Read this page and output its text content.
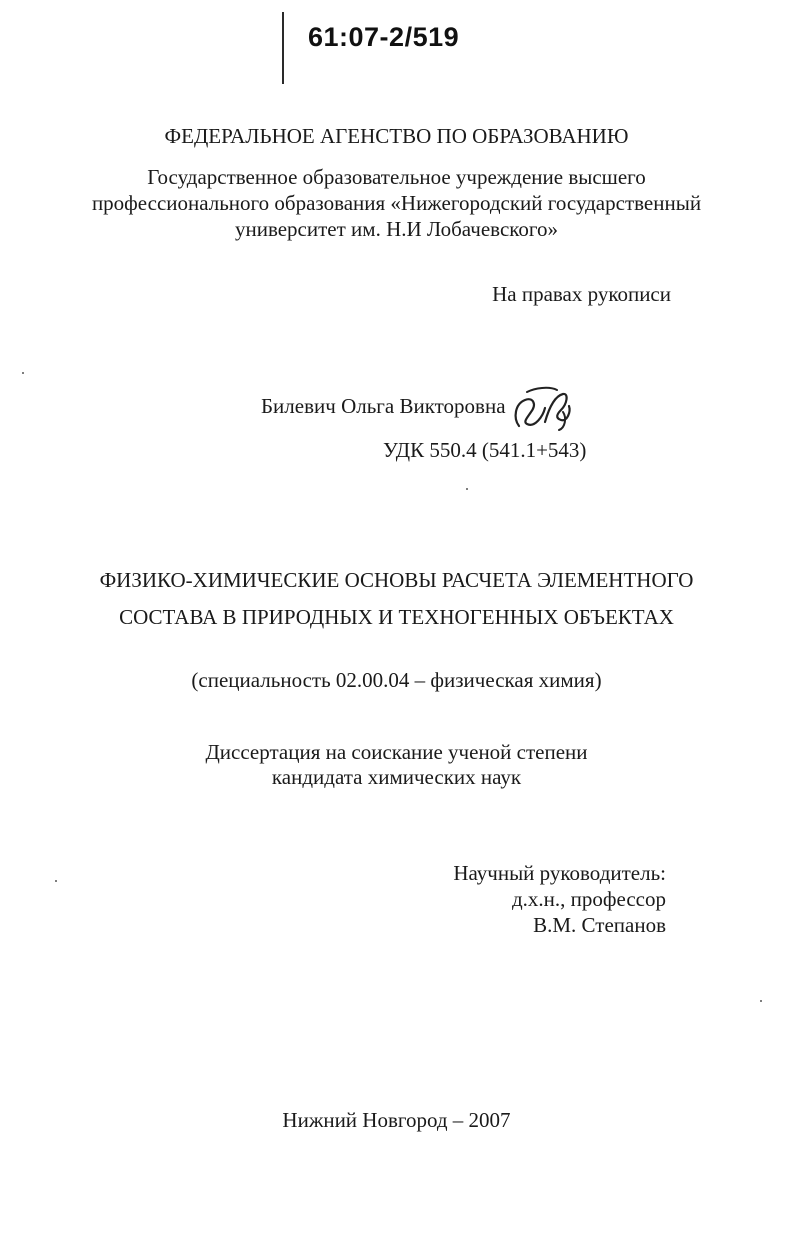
61:07-2/519
ФЕДЕРАЛЬНОЕ АГЕНСТВО ПО ОБРАЗОВАНИЮ
Государственное образовательное учреждение высшего
профессионального образования «Нижегородский государственный
университет им. Н.И Лобачевского»
На правах рукописи
Билевич Ольга Викторовна
УДК 550.4 (541.1+543)
ФИЗИКО-ХИМИЧЕСКИЕ ОСНОВЫ РАСЧЕТА ЭЛЕМЕНТНОГО
СОСТАВА В ПРИРОДНЫХ И ТЕХНОГЕННЫХ ОБЪЕКТАХ
(специальность 02.00.04 – физическая химия)
Диссертация на соискание ученой степени
кандидата химических наук
Научный руководитель:
д.х.н., профессор
В.М. Степанов
Нижний Новгород – 2007
